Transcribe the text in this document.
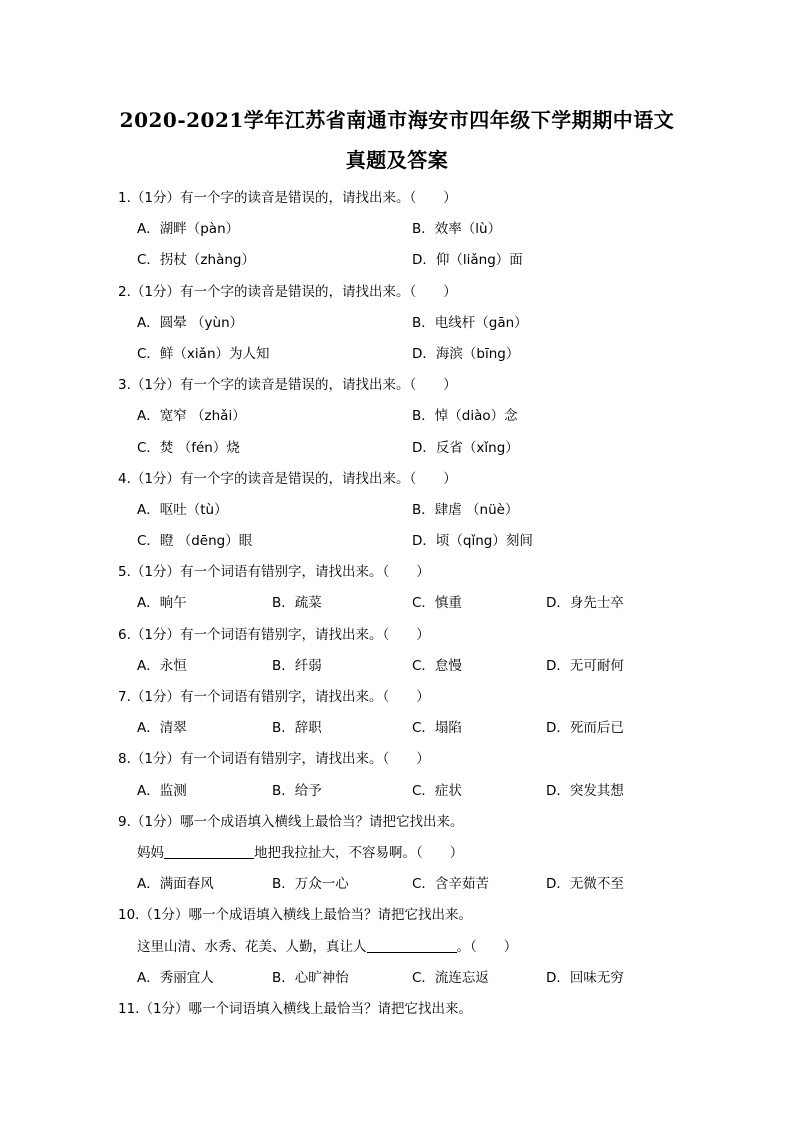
2020-2021学年江苏省南通市海安市四年级下学期期中语文
真题及答案
1.（1分）有一个字的读音是错误的，请找出来。（　　）
A．湖畔（pàn）	B．效率（lù）
C．拐杖（zhàng）	D．仰（liǎng）面
2.（1分）有一个字的读音是错误的，请找出来。（　　）
A．圆晕 （yùn）	B．电线杆（gān）
C．鲜（xiǎn）为人知	D．海滨（bīng）
3.（1分）有一个字的读音是错误的，请找出来。（　　）
A．宽窄 （zhǎi）	B．悼（diào）念
C．焚 （fén）烧	D．反省（xǐng）
4.（1分）有一个字的读音是错误的，请找出来。（　　）
A．呕吐（tù）	B．肆虐 （nüè）
C．瞪 （dēng）眼	D．顷（qǐng）刻间
5.（1分）有一个词语有错别字，请找出来。（　　）
A．晌午	B．疏菜	C．慎重	D．身先士卒
6.（1分）有一个词语有错别字，请找出来。（　　）
A．永恒	B．纤弱	C．怠慢	D．无可耐何
7.（1分）有一个词语有错别字，请找出来。（　　）
A．清翠	B．辞职	C．塌陷	D．死而后已
8.（1分）有一个词语有错别字，请找出来。（　　）
A．监测	B．给予	C．症状	D．突发其想
9.（1分）哪一个成语填入横线上最恰当？请把它找出来。
妈妈	地把我拉扯大，不容易啊。（　　）
A．满面春风	B．万众一心	C．含辛茹苦	D．无微不至
10.（1分）哪一个成语填入横线上最恰当？请把它找出来。
这里山清、水秀、花美、人勤，真让人	。（　　）
A．秀丽宜人	B．心旷神怡	C．流连忘返	D．回味无穷
11.（1分）哪一个词语填入横线上最恰当？请把它找出来。
